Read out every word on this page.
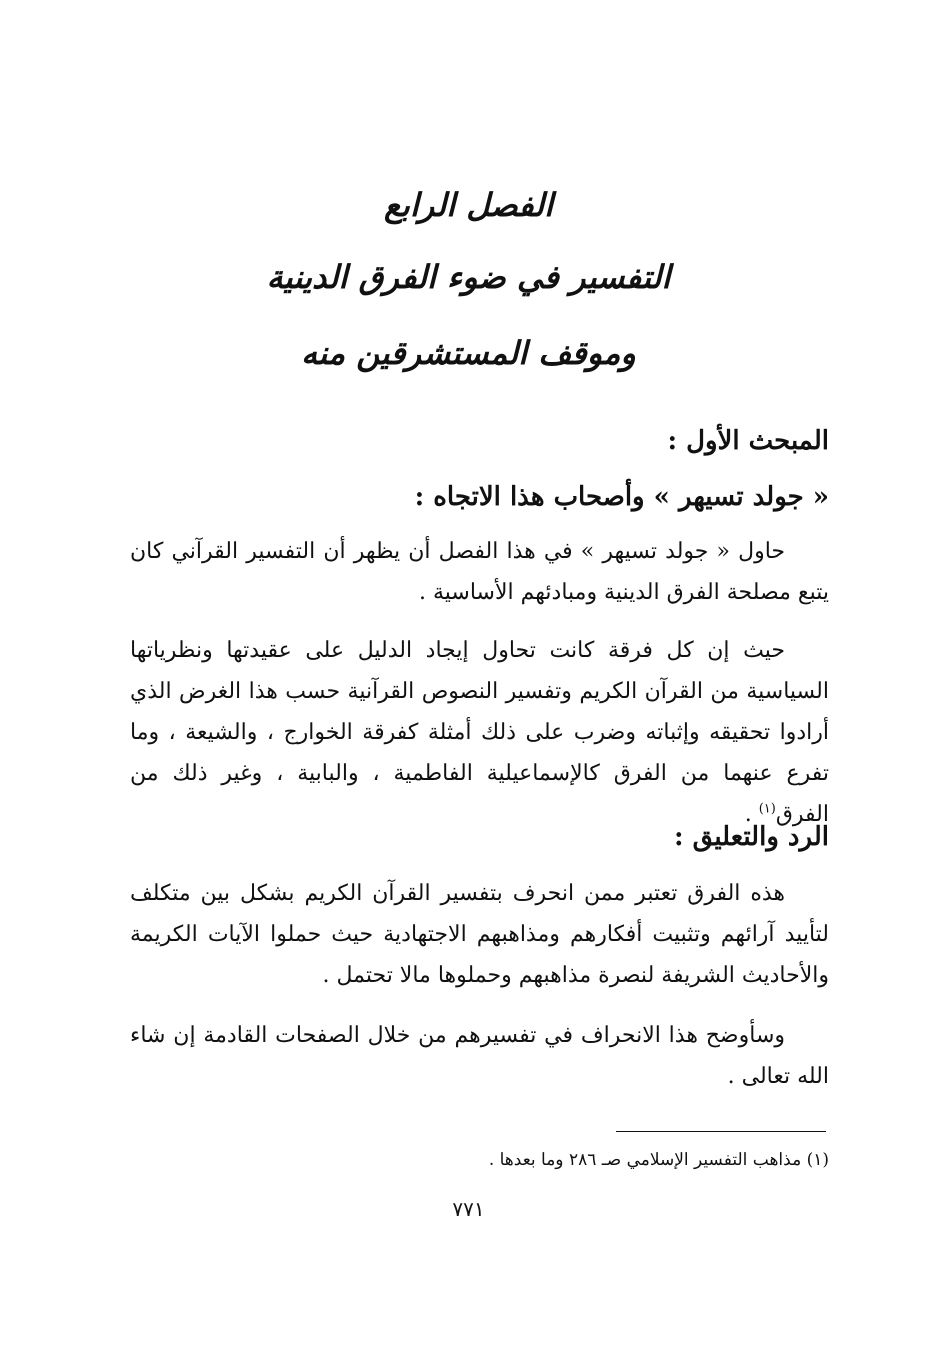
الفصل الرابع
التفسير في ضوء الفرق الدينية
وموقف المستشرقين منه
المبحث الأول :
« جولد تسيهر » وأصحاب هذا الاتجاه :

حاول « جولد تسيهر » في هذا الفصل أن يظهر أن التفسير القرآني كان يتبع مصلحة الفرق الدينية ومبادئهم الأساسية .

حيث إن كل فرقة كانت تحاول إيجاد الدليل على عقيدتها ونظرياتها السياسية من القرآن الكريم وتفسير النصوص القرآنية حسب هذا الغرض الذي أرادوا تحقيقه وإثباته وضرب على ذلك أمثلة كفرقة الخوارج ، والشيعة ، وما تفرع عنهما من الفرق كالإسماعيلية الفاطمية ، والبابية ، وغير ذلك من الفرق$^{(١)}$ .

الرد والتعليق :

هذه الفرق تعتبر ممن انحرف بتفسير القرآن الكريم بشكل بين متكلف لتأييد آرائهم وتثبيت أفكارهم ومذاهبهم الاجتهادية حيث حملوا الآيات الكريمة والأحاديث الشريفة لنصرة مذاهبهم وحملوها مالا تحتمل .

وسأوضح هذا الانحراف في تفسيرهم من خلال الصفحات القادمة إن شاء الله تعالى .

(١) مذاهب التفسير الإسلامي صـ ٢٨٦ وما بعدها .

٧٧١
